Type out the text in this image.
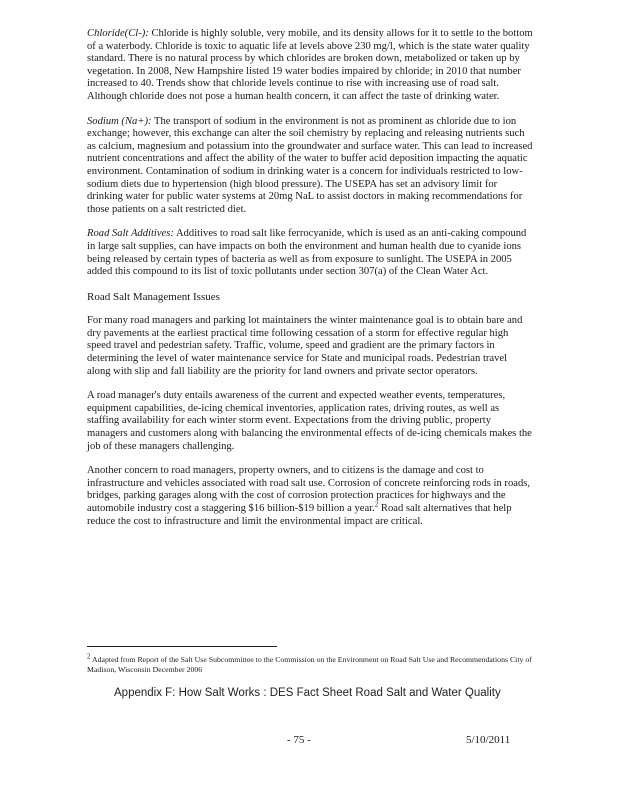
Chloride(Cl-): Chloride is highly soluble, very mobile, and its density allows for it to settle to the bottom of a waterbody. Chloride is toxic to aquatic life at levels above 230 mg/l, which is the state water quality standard. There is no natural process by which chlorides are broken down, metabolized or taken up by vegetation. In 2008, New Hampshire listed 19 water bodies impaired by chloride; in 2010 that number increased to 40. Trends show that chloride levels continue to rise with increasing use of road salt. Although chloride does not pose a human health concern, it can affect the taste of drinking water.

Sodium (Na+): The transport of sodium in the environment is not as prominent as chloride due to ion exchange; however, this exchange can alter the soil chemistry by replacing and releasing nutrients such as calcium, magnesium and potassium into the groundwater and surface water. This can lead to increased nutrient concentrations and affect the ability of the water to buffer acid deposition impacting the aquatic environment. Contamination of sodium in drinking water is a concern for individuals restricted to low-sodium diets due to hypertension (high blood pressure). The USEPA has set an advisory limit for drinking water for public water systems at 20mg NaL to assist doctors in making recommendations for those patients on a salt restricted diet.

Road Salt Additives: Additives to road salt like ferrocyanide, which is used as an anti-caking compound in large salt supplies, can have impacts on both the environment and human health due to cyanide ions being released by certain types of bacteria as well as from exposure to sunlight. The USEPA in 2005 added this compound to its list of toxic pollutants under section 307(a) of the Clean Water Act.

Road Salt Management Issues

For many road managers and parking lot maintainers the winter maintenance goal is to obtain bare and dry pavements at the earliest practical time following cessation of a storm for effective regular high speed travel and pedestrian safety. Traffic, volume, speed and gradient are the primary factors in determining the level of water maintenance service for State and municipal roads. Pedestrian travel along with slip and fall liability are the priority for land owners and private sector operators.

A road manager's duty entails awareness of the current and expected weather events, temperatures, equipment capabilities, de-icing chemical inventories, application rates, driving routes, as well as staffing availability for each winter storm event. Expectations from the driving public, property managers and customers along with balancing the environmental effects of de-icing chemicals makes the job of these managers challenging.

Another concern to road managers, property owners, and to citizens is the damage and cost to infrastructure and vehicles associated with road salt use. Corrosion of concrete reinforcing rods in roads, bridges, parking garages along with the cost of corrosion protection practices for highways and the automobile industry cost a staggering $16 billion-$19 billion a year.$^2$ Road salt alternatives that help reduce the cost to infrastructure and limit the environmental impact are critical.

2 Adapted from Report of the Salt Use Subcommittee to the Commission on the Environment on Road Salt Use and Recommendations City of Madison, Wisconsin December 2006
Appendix F: How Salt Works : DES Fact Sheet Road Salt and Water Quality
- 75 -	5/10/2011
